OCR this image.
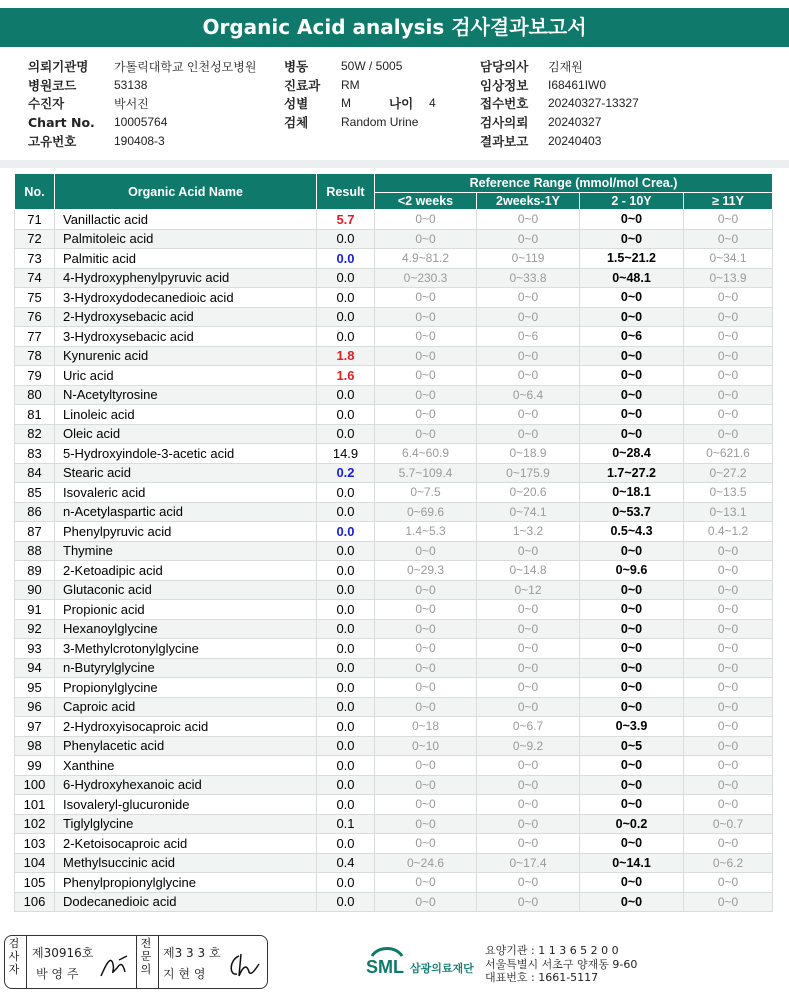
Organic Acid analysis 검사결과보고서
의뢰기관명	가톨릭대학교 인천성모병원
병원코드	53138
수진자	박서진
Chart No.	10005764
고유번호	190408-3
병동	50W / 5005
진료과	RM
성별	M	나이	4
검체	Random Urine
담당의사	김재원
임상정보	I68461IW0
접수번호	20240327-13327
검사의뢰	20240327
결과보고	20240403
No.	Organic Acid Name	Result	Reference Range (mmol/mol Crea.)			
			<2 weeks	2weeks-1Y	2 - 10Y	≥ 11Y
71	Vanillactic acid	5.7	0~0	0~0	0~0	0~0
72	Palmitoleic acid	0.0	0~0	0~0	0~0	0~0
73	Palmitic acid	0.0	4.9~81.2	0~119	1.5~21.2	0~34.1
74	4-Hydroxyphenylpyruvic acid	0.0	0~230.3	0~33.8	0~48.1	0~13.9
75	3-Hydroxydodecanedioic acid	0.0	0~0	0~0	0~0	0~0
76	2-Hydroxysebacic acid	0.0	0~0	0~0	0~0	0~0
77	3-Hydroxysebacic acid	0.0	0~0	0~6	0~6	0~0
78	Kynurenic acid	1.8	0~0	0~0	0~0	0~0
79	Uric acid	1.6	0~0	0~0	0~0	0~0
80	N-Acetyltyrosine	0.0	0~0	0~6.4	0~0	0~0
81	Linoleic acid	0.0	0~0	0~0	0~0	0~0
82	Oleic acid	0.0	0~0	0~0	0~0	0~0
83	5-Hydroxyindole-3-acetic acid	14.9	6.4~60.9	0~18.9	0~28.4	0~621.6
84	Stearic acid	0.2	5.7~109.4	0~175.9	1.7~27.2	0~27.2
85	Isovaleric acid	0.0	0~7.5	0~20.6	0~18.1	0~13.5
86	n-Acetylaspartic acid	0.0	0~69.6	0~74.1	0~53.7	0~13.1
87	Phenylpyruvic acid	0.0	1.4~5.3	1~3.2	0.5~4.3	0.4~1.2
88	Thymine	0.0	0~0	0~0	0~0	0~0
89	2-Ketoadipic acid	0.0	0~29.3	0~14.8	0~9.6	0~0
90	Glutaconic acid	0.0	0~0	0~12	0~0	0~0
91	Propionic acid	0.0	0~0	0~0	0~0	0~0
92	Hexanoylglycine	0.0	0~0	0~0	0~0	0~0
93	3-Methylcrotonylglycine	0.0	0~0	0~0	0~0	0~0
94	n-Butyrylglycine	0.0	0~0	0~0	0~0	0~0
95	Propionylglycine	0.0	0~0	0~0	0~0	0~0
96	Caproic acid	0.0	0~0	0~0	0~0	0~0
97	2-Hydroxyisocaproic acid	0.0	0~18	0~6.7	0~3.9	0~0
98	Phenylacetic acid	0.0	0~10	0~9.2	0~5	0~0
99	Xanthine	0.0	0~0	0~0	0~0	0~0
100	6-Hydroxyhexanoic acid	0.0	0~0	0~0	0~0	0~0
101	Isovaleryl-glucuronide	0.0	0~0	0~0	0~0	0~0
102	Tiglylglycine	0.1	0~0	0~0	0~0.2	0~0.7
103	2-Ketoisocaproic acid	0.0	0~0	0~0	0~0	0~0
104	Methylsuccinic acid	0.4	0~24.6	0~17.4	0~14.1	0~6.2
105	Phenylpropionylglycine	0.0	0~0	0~0	0~0	0~0
106	Dodecanedioic acid	0.0	0~0	0~0	0~0	0~0
검
사
자
제30916호
박 영 주
전
문
의
제3 3 3 호
지 현 영	SML 삼광의료재단
요양기관 : 1 1 3 6 5 2 0 0
서울특별시 서초구 양재동 9-60
대표번호 : 1661-5117
